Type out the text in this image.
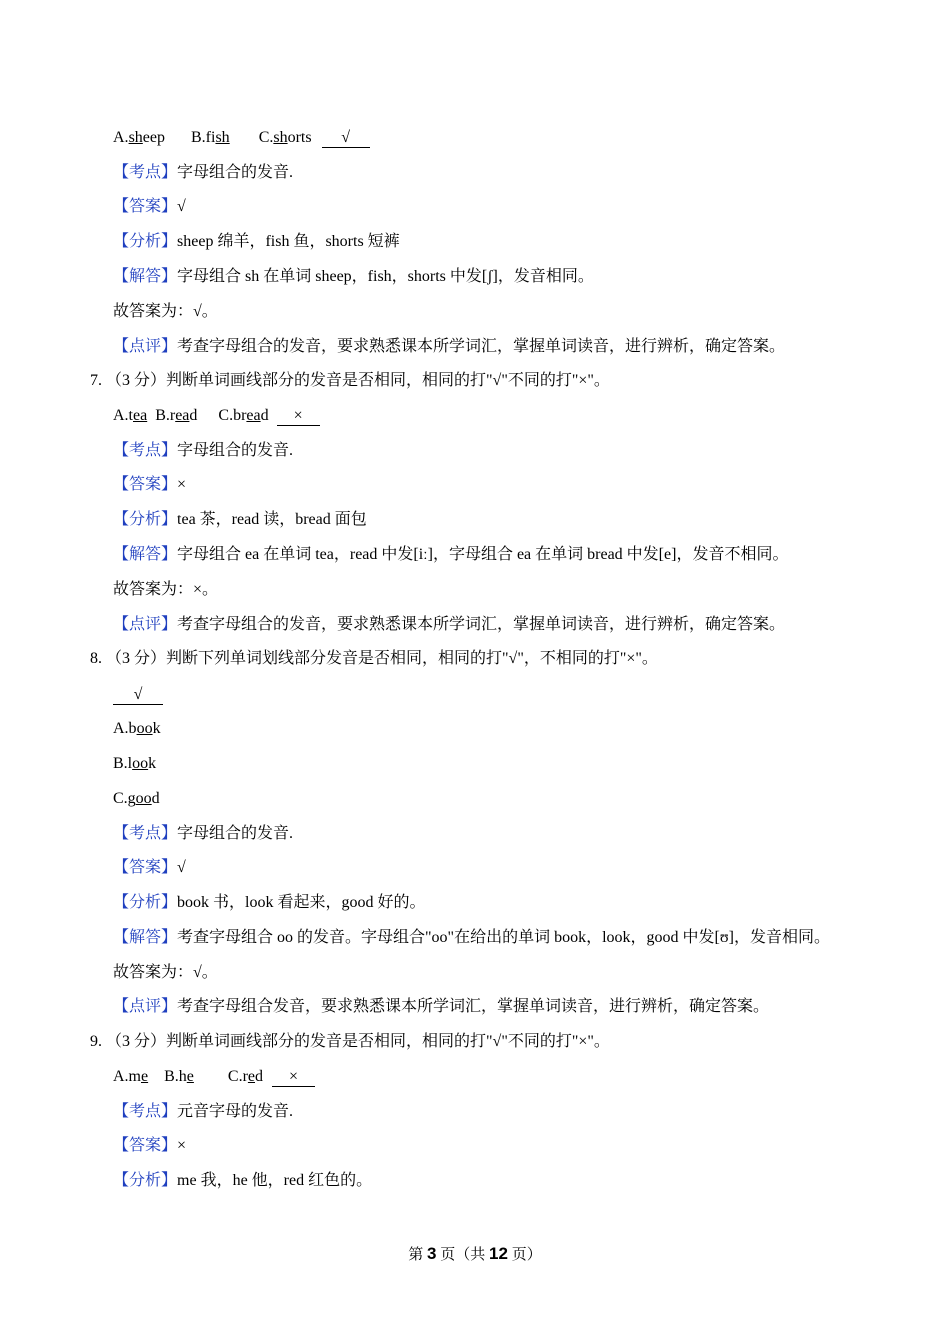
A.sheep B.fish C.shorts √
【考点】字母组合的发音.
【答案】√
【分析】sheep 绵羊，fish 鱼，shorts 短裤
【解答】字母组合 sh 在单词 sheep，fish，shorts 中发[ʃ]，发音相同。
故答案为：√。
【点评】考查字母组合的发音，要求熟悉课本所学词汇，掌握单词读音，进行辨析，确定答案。
7. （3 分）判断单词画线部分的发音是否相同，相同的打"√"不同的打"×"。
A.tea B.read C.bread ×
【考点】字母组合的发音.
【答案】×
【分析】tea 茶，read 读，bread 面包
【解答】字母组合 ea 在单词 tea，read 中发[iː]，字母组合 ea 在单词 bread 中发[e]，发音不相同。
故答案为：×。
【点评】考查字母组合的发音，要求熟悉课本所学词汇，掌握单词读音，进行辨析，确定答案。
8. （3 分）判断下列单词划线部分发音是否相同，相同的打"√"，不相同的打"×"。
√
A.book
B.look
C.good
【考点】字母组合的发音.
【答案】√
【分析】book 书，look 看起来，good 好的。
【解答】考查字母组合 oo 的发音。字母组合"oo"在给出的单词 book，look，good 中发[ʊ]，发音相同。
故答案为：√。
【点评】考查字母组合发音，要求熟悉课本所学词汇，掌握单词读音，进行辨析，确定答案。
9. （3 分）判断单词画线部分的发音是否相同，相同的打"√"不同的打"×"。
A.me B.he C.red ×
【考点】元音字母的发音.
【答案】×
【分析】me 我，he 他，red 红色的。
第 3 页（共 12 页）
